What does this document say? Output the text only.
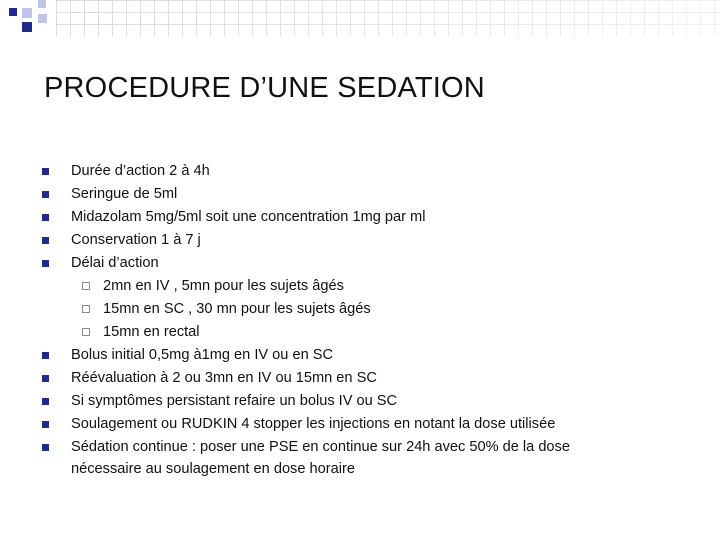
PROCEDURE D’UNE SEDATION
Durée d’action 2 à 4h
Seringue de 5ml
Midazolam 5mg/5ml soit une concentration 1mg par ml
Conservation 1 à 7 j
Délai d’action
2mn en IV , 5mn pour les sujets âgés
15mn en SC , 30 mn pour les sujets âgés
15mn en rectal
Bolus initial 0,5mg à1mg en IV ou en SC
Réévaluation à 2 ou 3mn en IV ou 15mn en SC
Si symptômes persistant refaire un bolus IV ou SC
Soulagement ou RUDKIN 4 stopper les injections en notant la dose utilisée
Sédation continue : poser une PSE en continue sur 24h avec 50% de la dose
nécessaire au soulagement en dose horaire
